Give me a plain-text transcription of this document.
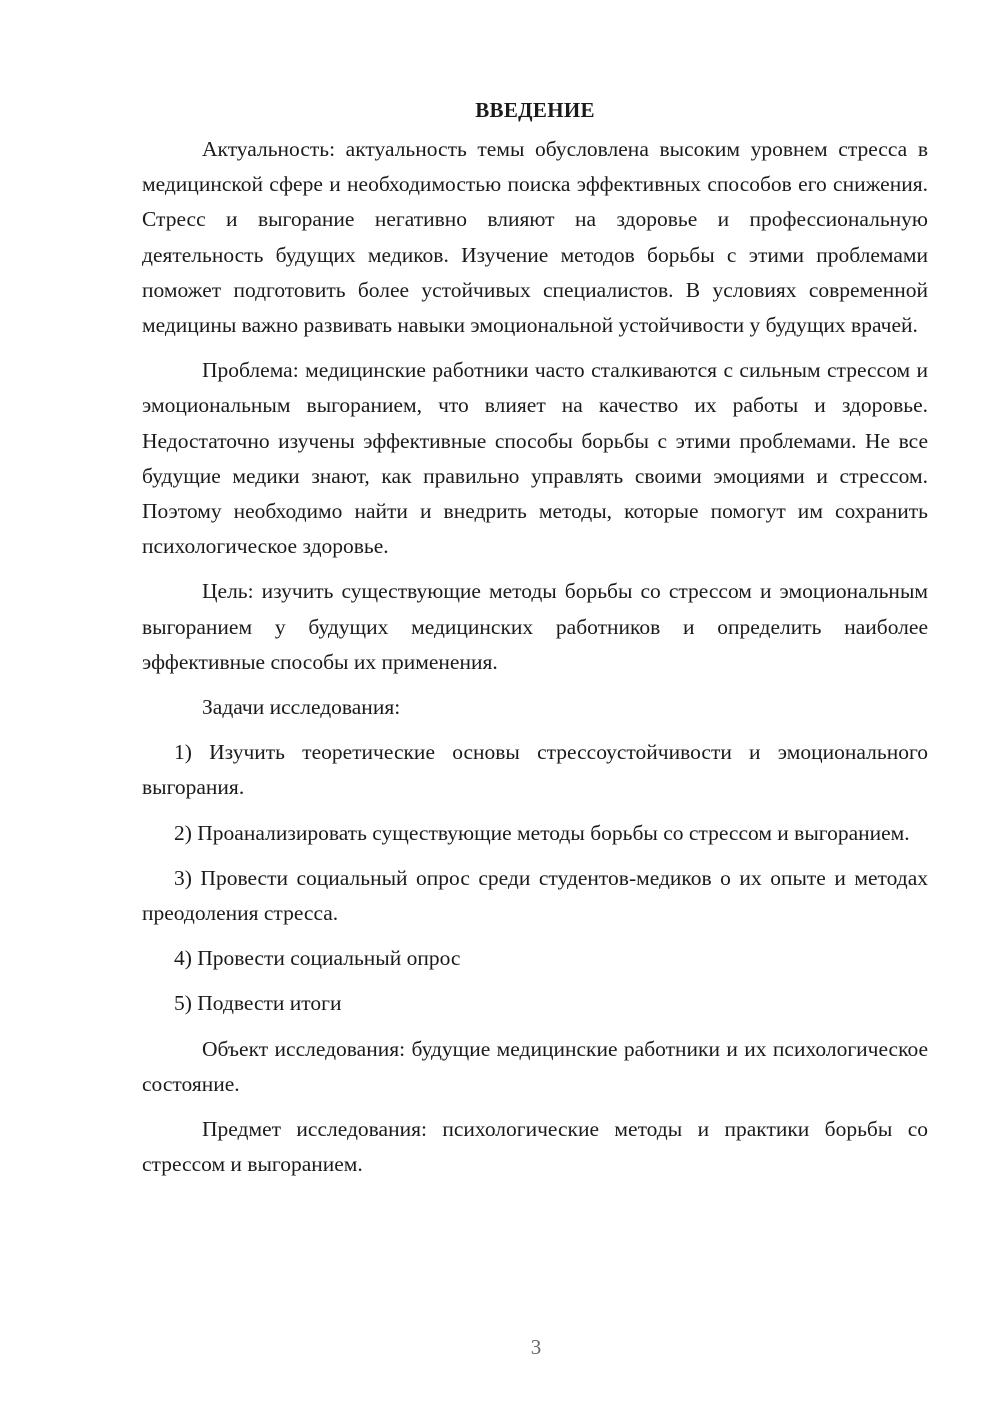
ВВЕДЕНИЕ

Актуальность: актуальность темы обусловлена высоким уровнем стресса в медицинской сфере и необходимостью поиска эффективных способов его снижения. Стресс и выгорание негативно влияют на здоровье и профессиональную деятельность будущих медиков. Изучение методов борьбы с этими проблемами поможет подготовить более устойчивых специалистов. В условиях современной медицины важно развивать навыки эмоциональной устойчивости у будущих врачей.

Проблема: медицинские работники часто сталкиваются с сильным стрессом и эмоциональным выгоранием, что влияет на качество их работы и здоровье. Недостаточно изучены эффективные способы борьбы с этими проблемами. Не все будущие медики знают, как правильно управлять своими эмоциями и стрессом. Поэтому необходимо найти и внедрить методы, которые помогут им сохранить психологическое здоровье.

Цель: изучить существующие методы борьбы со стрессом и эмоциональным выгоранием у будущих медицинских работников и определить наиболее эффективные способы их применения.

Задачи исследования:

1) Изучить теоретические основы стрессоустойчивости и эмоционального выгорания.

2) Проанализировать существующие методы борьбы со стрессом и выгоранием.

3) Провести социальный опрос среди студентов-медиков о их опыте и методах преодоления стресса.

4) Провести социальный опрос

5) Подвести итоги

Объект исследования: будущие медицинские работники и их психологическое состояние.

Предмет исследования: психологические методы и практики борьбы со стрессом и выгоранием.

3
